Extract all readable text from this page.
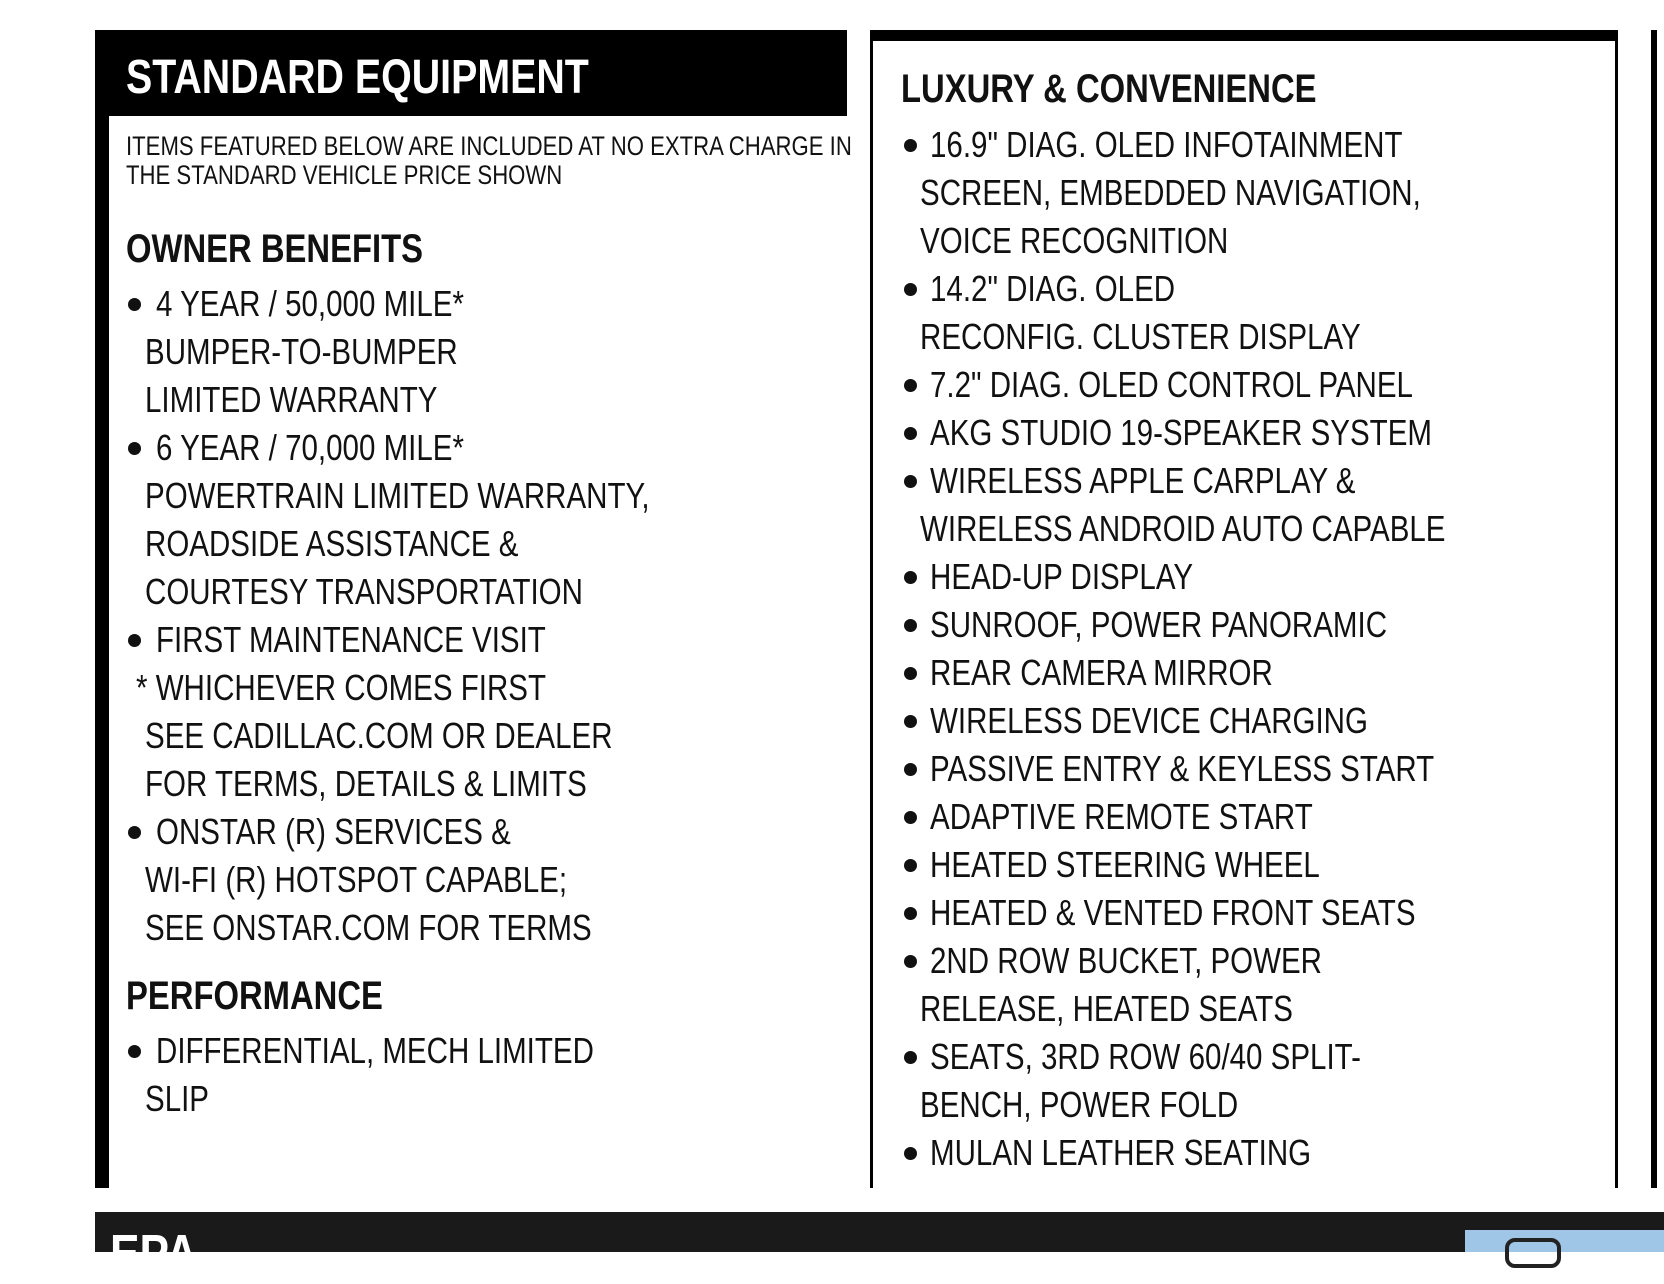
STANDARD EQUIPMENT
ITEMS FEATURED BELOW ARE INCLUDED AT NO EXTRA CHARGE IN
THE STANDARD VEHICLE PRICE SHOWN
OWNER BENEFITS
4 YEAR / 50,000 MILE*
BUMPER-TO-BUMPER
LIMITED WARRANTY
6 YEAR / 70,000 MILE*
POWERTRAIN LIMITED WARRANTY,
ROADSIDE ASSISTANCE &
COURTESY TRANSPORTATION
FIRST MAINTENANCE VISIT
* WHICHEVER COMES FIRST
SEE CADILLAC.COM OR DEALER
FOR TERMS, DETAILS & LIMITS
ONSTAR (R) SERVICES &
WI-FI (R) HOTSPOT CAPABLE;
SEE ONSTAR.COM FOR TERMS
PERFORMANCE
DIFFERENTIAL, MECH LIMITED
SLIP
LUXURY & CONVENIENCE
16.9" DIAG. OLED INFOTAINMENT
SCREEN, EMBEDDED NAVIGATION,
VOICE RECOGNITION
14.2" DIAG. OLED
RECONFIG. CLUSTER DISPLAY
7.2" DIAG. OLED CONTROL PANEL
AKG STUDIO 19-SPEAKER SYSTEM
WIRELESS APPLE CARPLAY &
WIRELESS ANDROID AUTO CAPABLE
HEAD-UP DISPLAY
SUNROOF, POWER PANORAMIC
REAR CAMERA MIRROR
WIRELESS DEVICE CHARGING
PASSIVE ENTRY & KEYLESS START
ADAPTIVE REMOTE START
HEATED STEERING WHEEL
HEATED & VENTED FRONT SEATS
2ND ROW BUCKET, POWER
RELEASE, HEATED SEATS
SEATS, 3RD ROW 60/40 SPLIT-
BENCH, POWER FOLD
MULAN LEATHER SEATING
EPA
